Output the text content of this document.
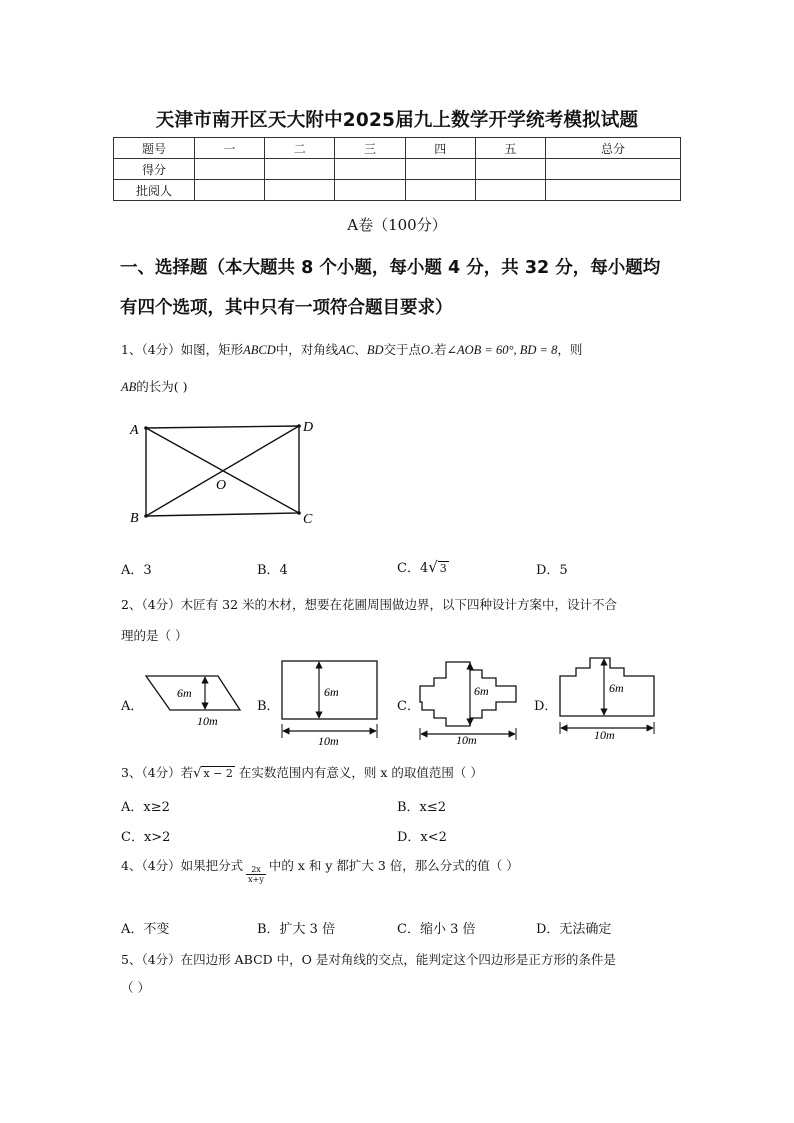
天津市南开区天大附中2025届九上数学开学统考模拟试题
题号	一	二	三	四	五	总分
得分						
批阅人						
A卷（100分）
一、选择题（本大题共 8 个小题，每小题 4 分，共 32 分，每小题均
有四个选项，其中只有一项符合题目要求）
1、（4分）如图，矩形ABCD中，对角线AC、BD交于点O.若∠AOB = 60°, BD = 8，则
AB的长为( )
A	D
C
B
O
A．3	B．4	C．4√ 3	D．5
2、（4分）木匠有 32 米的木材，想要在花圃周围做边界，以下四种设计方案中，设计不合
理的是（ ）
A．	B．	C．	D．
6m
10m
6m
10m
6m
10m
6m
10m
3、（4分）若√ x − 2 在实数范围内有意义，则 x 的取值范围（ ）
A．x≥2	B．x≤2
C．x>2	D．x<2
4、（4分）如果把分式 $\frac{2x}{x+y}$ 中的 x 和 y 都扩大 3 倍，那么分式的值（ ）
A．不变	B．扩大 3 倍	C．缩小 3 倍	D．无法确定
5、（4分）在四边形 ABCD 中，O 是对角线的交点，能判定这个四边形是正方形的条件是
（ ）
